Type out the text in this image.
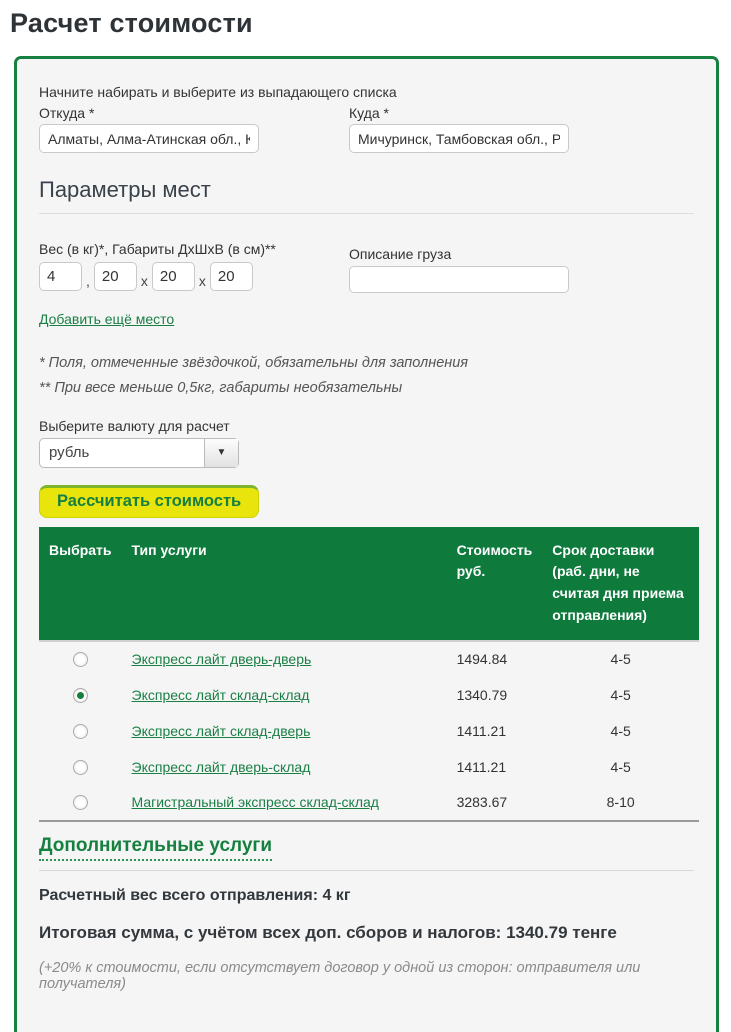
Расчет стоимости
Начните набирать и выберите из выпадающего списка
Откуда *
Алматы, Алма-Атинская обл., Ка	Куда *
Мичуринск, Тамбовская обл., Ро
Параметры мест
Вес (в кг)*, Габариты ДхШхВ (в см)**
4
,
20	x
20	x
20
Описание груза
Добавить ещё место
* Поля, отмеченные звёздочкой, обязательны для заполнения
** При весе меньше 0,5кг, габариты необязательны
Выберите валюту для расчет
рубль	▼
Рассчитать стоимость
Выбрать	Тип услуги	Стоимость руб.	Срок доставки (раб. дни, не считая дня приема отправления)
	Экспресс лайт дверь-дверь	1494.84	4-5
	Экспресс лайт склад-склад	1340.79	4-5
	Экспресс лайт склад-дверь	1411.21	4-5
	Экспресс лайт дверь-склад	1411.21	4-5
	Магистральный экспресс склад-склад	3283.67	8-10
Дополнительные услуги
Расчетный вес всего отправления: 4 кг
Итоговая сумма, с учётом всех доп. сборов и налогов: 1340.79 тенге
(+20% к стоимости, если отсутствует договор у одной из сторон: отправителя или получателя)
